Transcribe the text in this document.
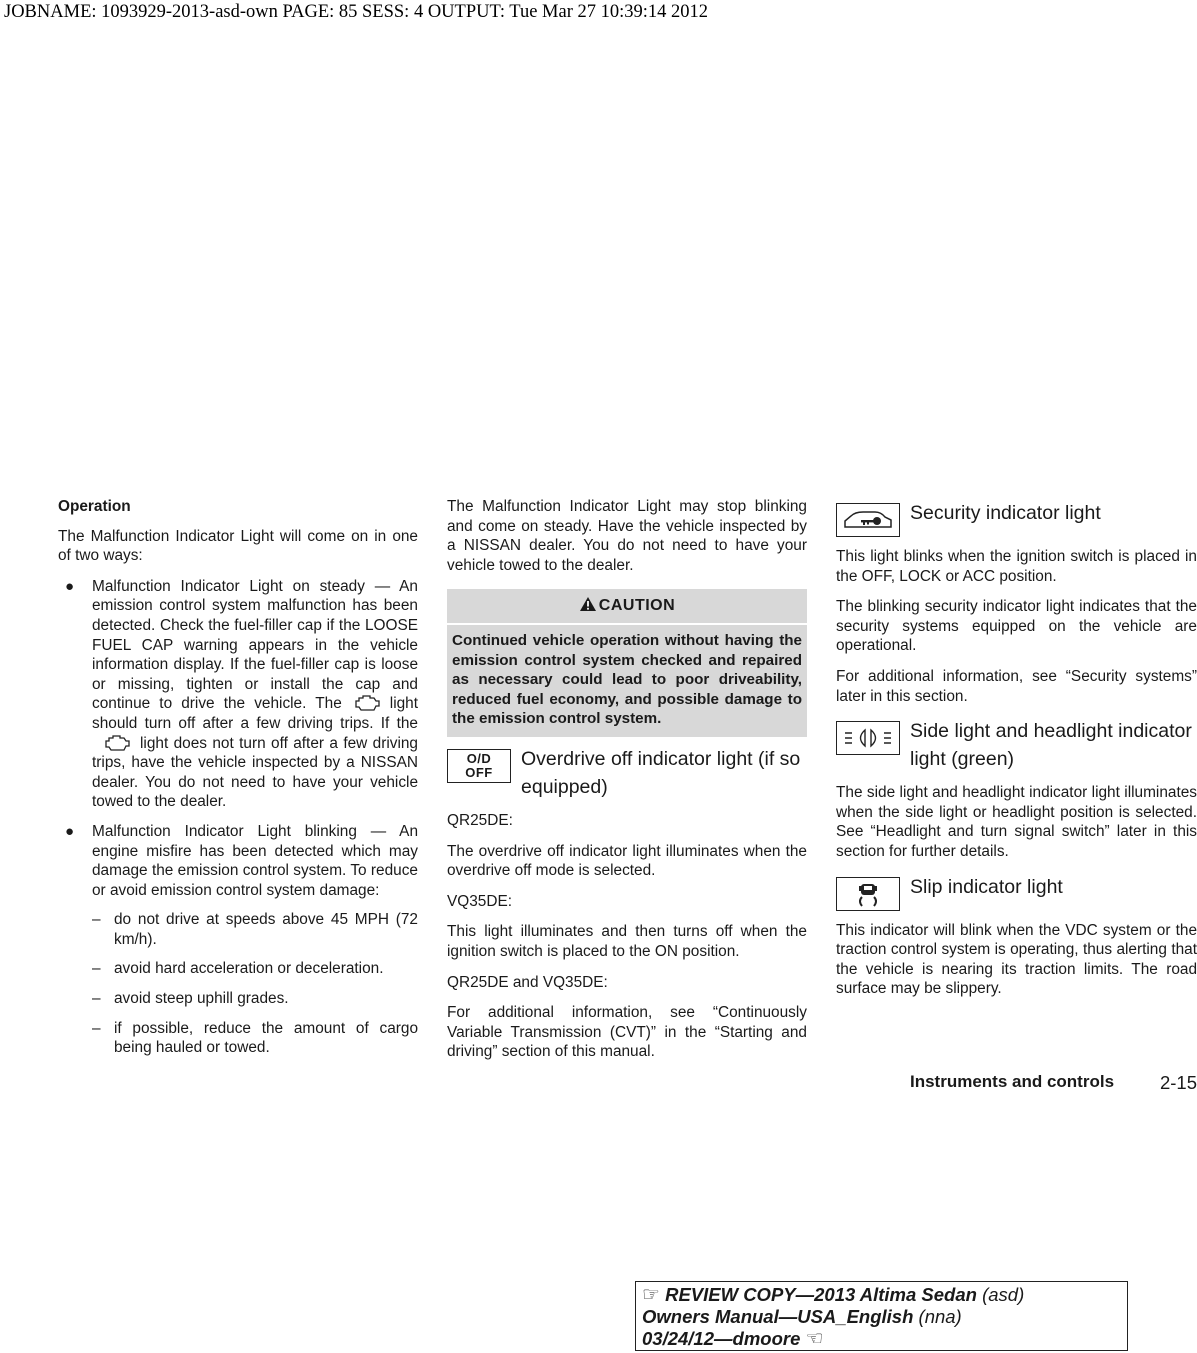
JOBNAME: 1093929-2013-asd-own PAGE: 85 SESS: 4 OUTPUT: Tue Mar 27 10:39:14 2012
Operation

The Malfunction Indicator Light will come on in one of two ways:

● Malfunction Indicator Light on steady — An emission control system malfunction has been detected. Check the fuel-filler cap if the LOOSE FUEL CAP warning appears in the vehicle information display. If the fuel-filler cap is loose or missing, tighten or install the cap and continue to drive the vehicle. The	light should turn off after a few driving trips. If thelight does not turn off after a few driving trips, have the vehicle inspected by a NISSAN dealer. You do not need to have your vehicle towed to the dealer.
● Malfunction Indicator Light blinking — An engine misfire has been detected which may damage the emission control system. To reduce or avoid emission control system damage:
– do not drive at speeds above 45 MPH (72 km/h).
– avoid hard acceleration or deceleration.
– avoid steep uphill grades.
– if possible, reduce the amount of cargo being hauled or towed.

The Malfunction Indicator Light may stop blinking and come on steady. Have the vehicle inspected by a NISSAN dealer. You do not need to have your vehicle towed to the dealer.

CAUTION
Continued vehicle operation without having the emission control system checked and repaired as necessary could lead to poor driveability, reduced fuel economy, and possible damage to the emission control system.
O/D
OFF
Overdrive off indicator light (if so equipped)

QR25DE:

The overdrive off indicator light illuminates when the overdrive off mode is selected.

VQ35DE:

This light illuminates and then turns off when the ignition switch is placed to the ON position.

QR25DE and VQ35DE:

For additional information, see “Continuously Variable Transmission (CVT)” in the “Starting and driving” section of this manual.

Security indicator light

This light blinks when the ignition switch is placed in the OFF, LOCK or ACC position.

The blinking security indicator light indicates that the security systems equipped on the vehicle are operational.

For additional information, see “Security systems” later in this section.

Side light and headlight indicator light (green)

The side light and headlight indicator light illuminates when the side light or headlight position is selected. See “Headlight and turn signal switch” later in this section for further details.

Slip indicator light

This indicator will blink when the VDC system or the traction control system is operating, thus alerting that the vehicle is nearing its traction limits. The road surface may be slippery.

Instruments and controls 2-15
☞ REVIEW COPY—2013 Altima Sedan (asd)
Owners Manual—USA_English (nna)
03/24/12—dmoore ☜
